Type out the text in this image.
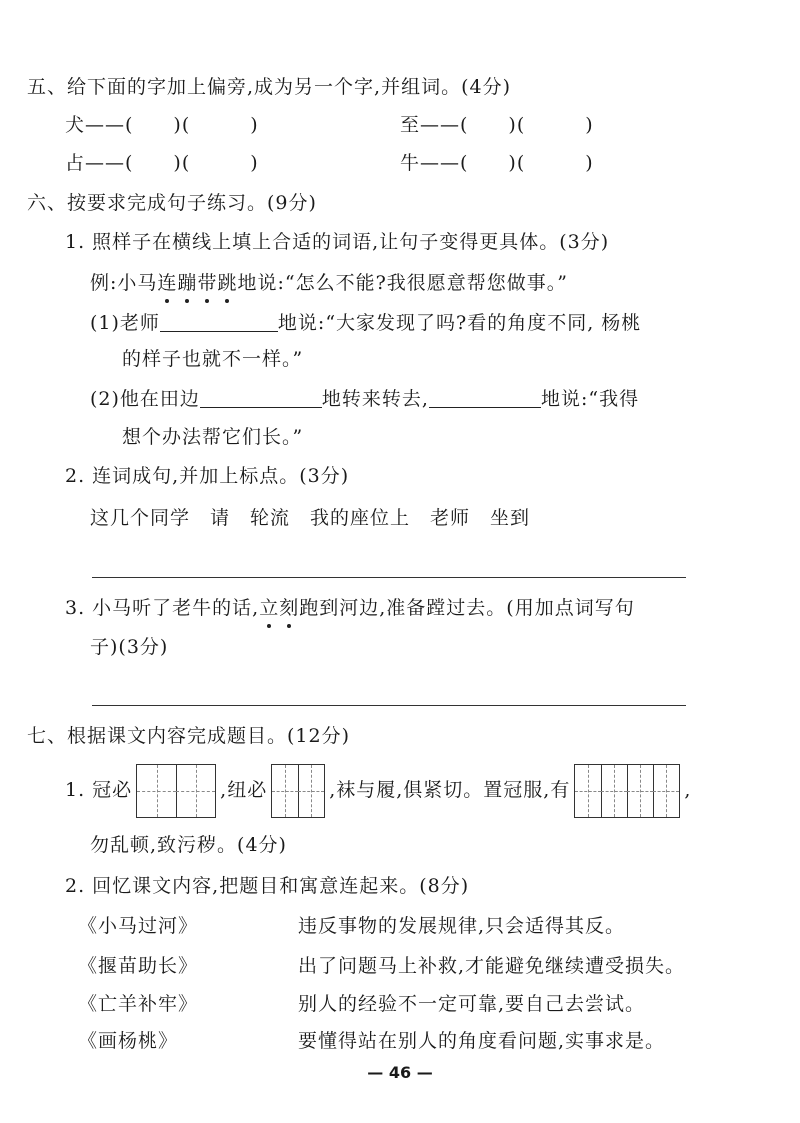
五、给下面的字加上偏旁,成为另一个字,并组词。(4分)
犬——(　　)(　　　)	至——(　　)(　　　)
占——(　　)(　　　)	牛——(　　)(　　　)
六、按要求完成句子练习。(9分)
1. 照样子在横线上填上合适的词语,让句子变得更具体。(3分)
例:小马连蹦带跳地说:“怎么不能?我很愿意帮您做事。”
(1)老师	地说:“大家发现了吗?看的角度不同, 杨桃
的样子也就不一样。”
(2)他在田边	地转来转去,	地说:“我得
想个办法帮它们长。”
2. 连词成句,并加上标点。(3分)
这几个同学　请　轮流　我的座位上　老师　坐到
3. 小马听了老牛的话,立刻跑到河边,准备蹚过去。(用加点词写句
子)(3分)
七、根据课文内容完成题目。(12分)
1. 冠必	,纽必	,袜与履,俱紧切。置冠服,有	,
勿乱顿,致污秽。(4分)
2. 回忆课文内容,把题目和寓意连起来。(8分)
《小马过河》	违反事物的发展规律,只会适得其反。
《揠苗助长》	出了问题马上补救,才能避免继续遭受损失。
《亡羊补牢》	别人的经验不一定可靠,要自己去尝试。
《画杨桃》	要懂得站在别人的角度看问题,实事求是。
— 46 —
